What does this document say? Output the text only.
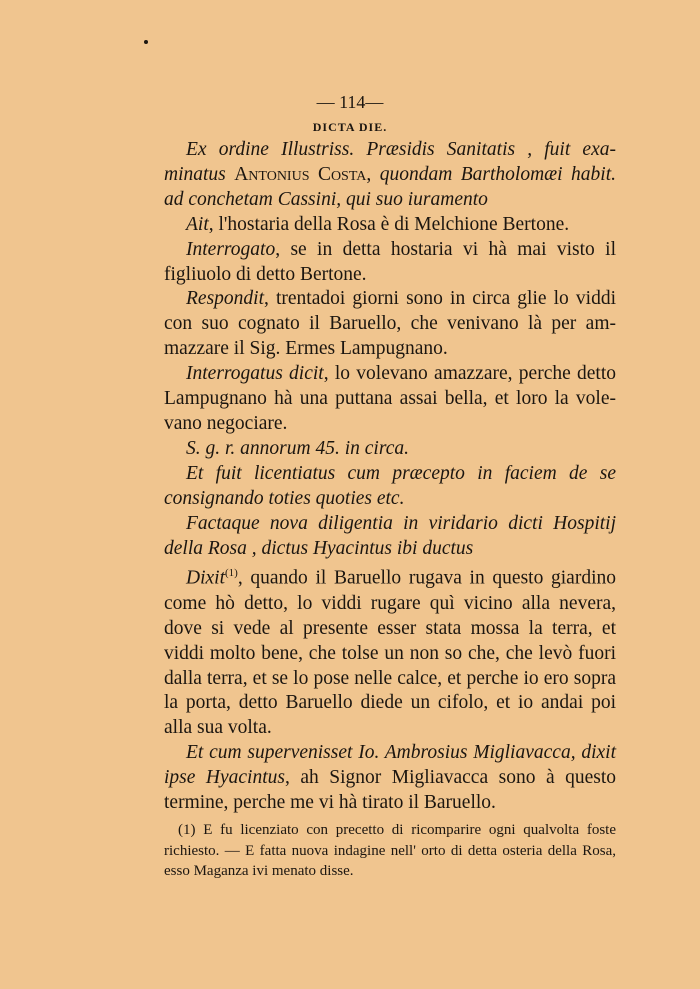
— 114—
DICTA DIE.

Ex ordine Illustriss. Præsidis Sanitatis , fuit examinatus Antonius Costa, quondam Bartholomæi habit. ad conchetam Cassini, qui suo iuramento

Ait, l'hostaria della Rosa è di Melchione Bertone.

Interrogato, se in detta hostaria vi hà mai visto il figliuolo di detto Bertone.

Respondit, trentadoi giorni sono in circa glie lo viddi con suo cognato il Baruello, che venivano là per ammazzare il Sig. Ermes Lampugnano.

Interrogatus dicit, lo volevano amazzare, perche detto Lampugnano hà una puttana assai bella, et loro la volevano negociare.

S. g. r. annorum 45. in circa.

Et fuit licentiatus cum præcepto in faciem de se consignando toties quoties etc.

Factaque nova diligentia in viridario dicti Hospitij della Rosa , dictus Hyacintus ibi ductus

Dixit$^{(1)}$, quando il Baruello rugava in questo giardino come hò detto, lo viddi rugare quì vicino alla nevera, dove si vede al presente esser stata mossa la terra, et viddi molto bene, che tolse un non so che, che levò fuori dalla terra, et se lo pose nelle calce, et perche io ero sopra la porta, detto Baruello diede un cifolo, et io andai poi alla sua volta.

Et cum supervenisset Io. Ambrosius Migliavacca, dixit ipse Hyacintus, ah Signor Migliavacca sono à questo termine, perche me vi hà tirato il Baruello.

(1) E fu licenziato con precetto di ricomparire ogni qualvolta foste richiesto. — E fatta nuova indagine nell' orto di detta osteria della Rosa, esso Maganza ivi menato disse.
